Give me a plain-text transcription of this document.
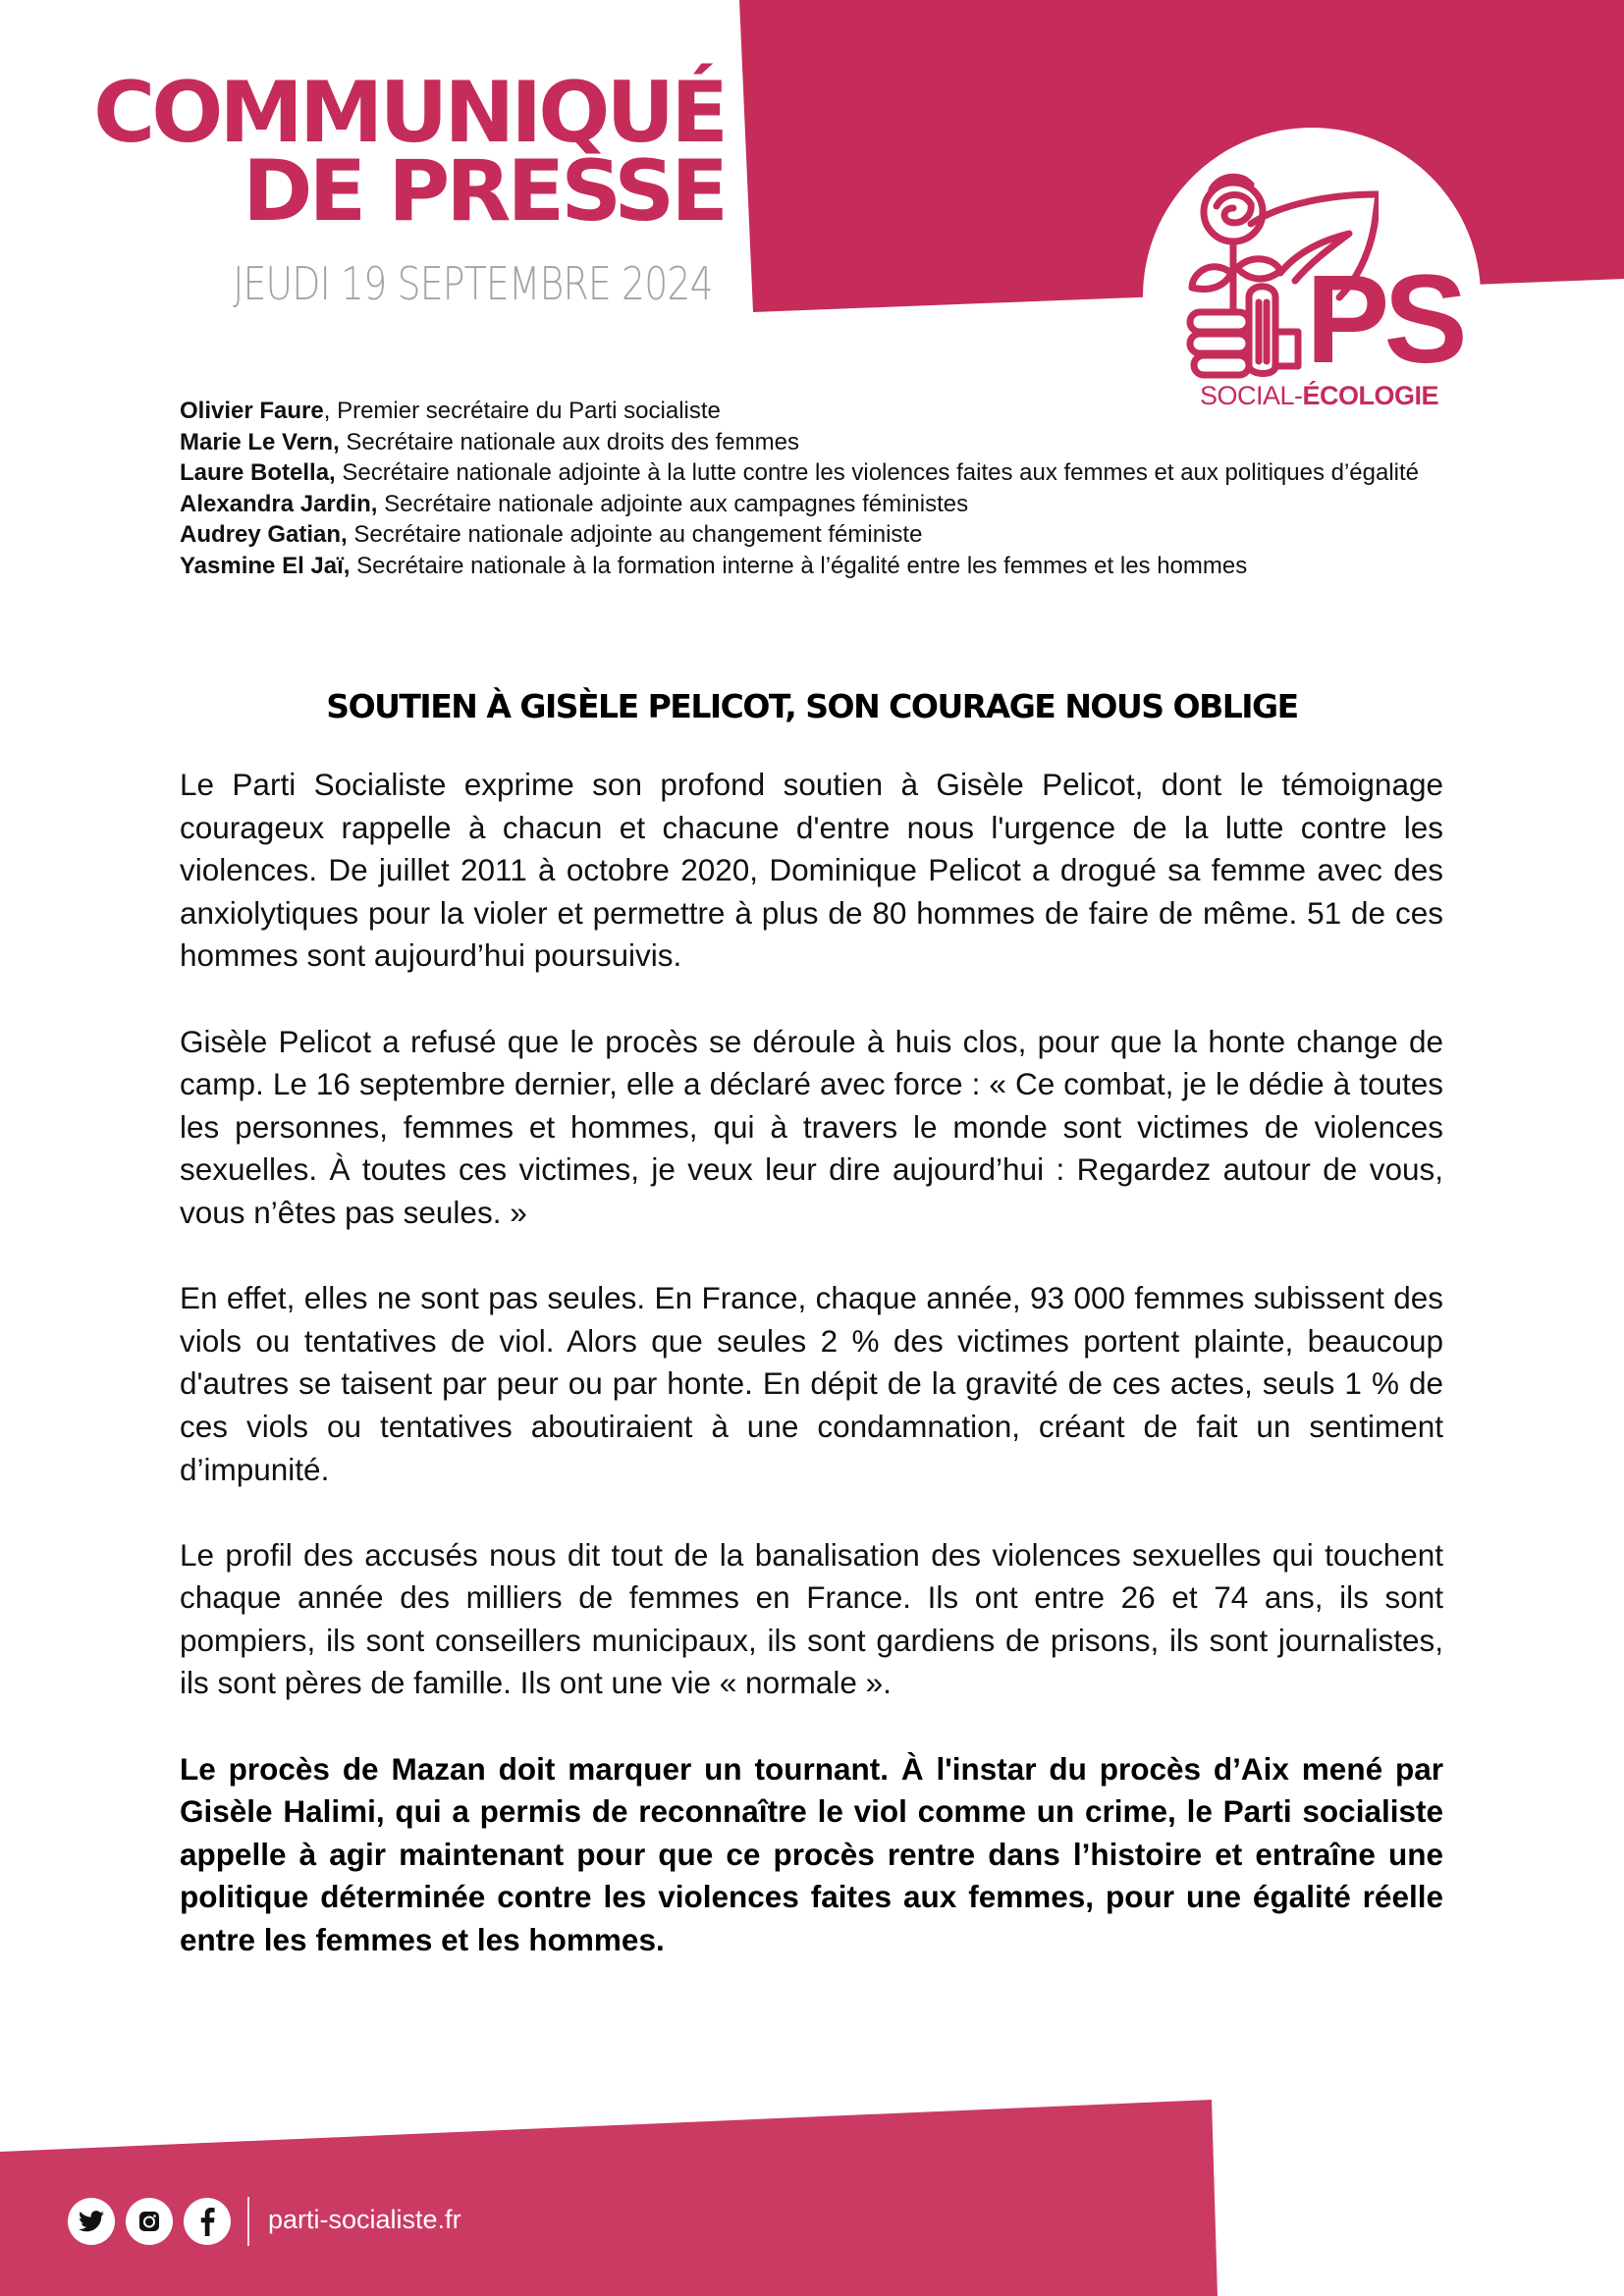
COMMUNIQUÉ
DE PRESSE
JEUDI 19 SEPTEMBRE 2024	PS
SOCIAL-ÉCOLOGIE
Olivier Faure, Premier secrétaire du Parti socialiste
Marie Le Vern, Secrétaire nationale aux droits des femmes
Laure Botella, Secrétaire nationale adjointe à la lutte contre les violences faites aux femmes et aux politiques d’égalité
Alexandra Jardin, Secrétaire nationale adjointe aux campagnes féministes
Audrey Gatian, Secrétaire nationale adjointe au changement féministe
Yasmine El Jaï, Secrétaire nationale à la formation interne à l’égalité entre les femmes et les hommes
SOUTIEN À GISÈLE PELICOT, SON COURAGE NOUS OBLIGE

Le Parti Socialiste exprime son profond soutien à Gisèle Pelicot, dont le témoignage courageux rappelle à chacun et chacune d'entre nous l'urgence de la lutte contre les violences. De juillet 2011 à octobre 2020, Dominique Pelicot a drogué sa femme avec des anxiolytiques pour la violer et permettre à plus de 80 hommes de faire de même. 51 de ces hommes sont aujourd’hui poursuivis.

Gisèle Pelicot a refusé que le procès se déroule à huis clos, pour que la honte change de camp. Le 16 septembre dernier, elle a déclaré avec force : « Ce combat, je le dédie à toutes les personnes, femmes et hommes, qui à travers le monde sont victimes de violences sexuelles. À toutes ces victimes, je veux leur dire aujourd’hui : Regardez autour de vous, vous n’êtes pas seules. »

En effet, elles ne sont pas seules. En France, chaque année, 93 000 femmes subissent des viols ou tentatives de viol. Alors que seules 2 % des victimes portent plainte, beaucoup d'autres se taisent par peur ou par honte. En dépit de la gravité de ces actes, seuls 1 % de ces viols ou tentatives aboutiraient à une condamnation, créant de fait un sentiment d’impunité.

Le profil des accusés nous dit tout de la banalisation des violences sexuelles qui touchent chaque année des milliers de femmes en France. Ils ont entre 26 et 74 ans, ils sont pompiers, ils sont conseillers municipaux, ils sont gardiens de prisons, ils sont journalistes, ils sont pères de famille. Ils ont une vie « normale ».

Le procès de Mazan doit marquer un tournant. À l'instar du procès d’Aix mené par Gisèle Halimi, qui a permis de reconnaître le viol comme un crime, le Parti socialiste appelle à agir maintenant pour que ce procès rentre dans l’histoire et entraîne une politique déterminée contre les violences faites aux femmes, pour une égalité réelle entre les femmes et les hommes.

parti-socialiste.fr
